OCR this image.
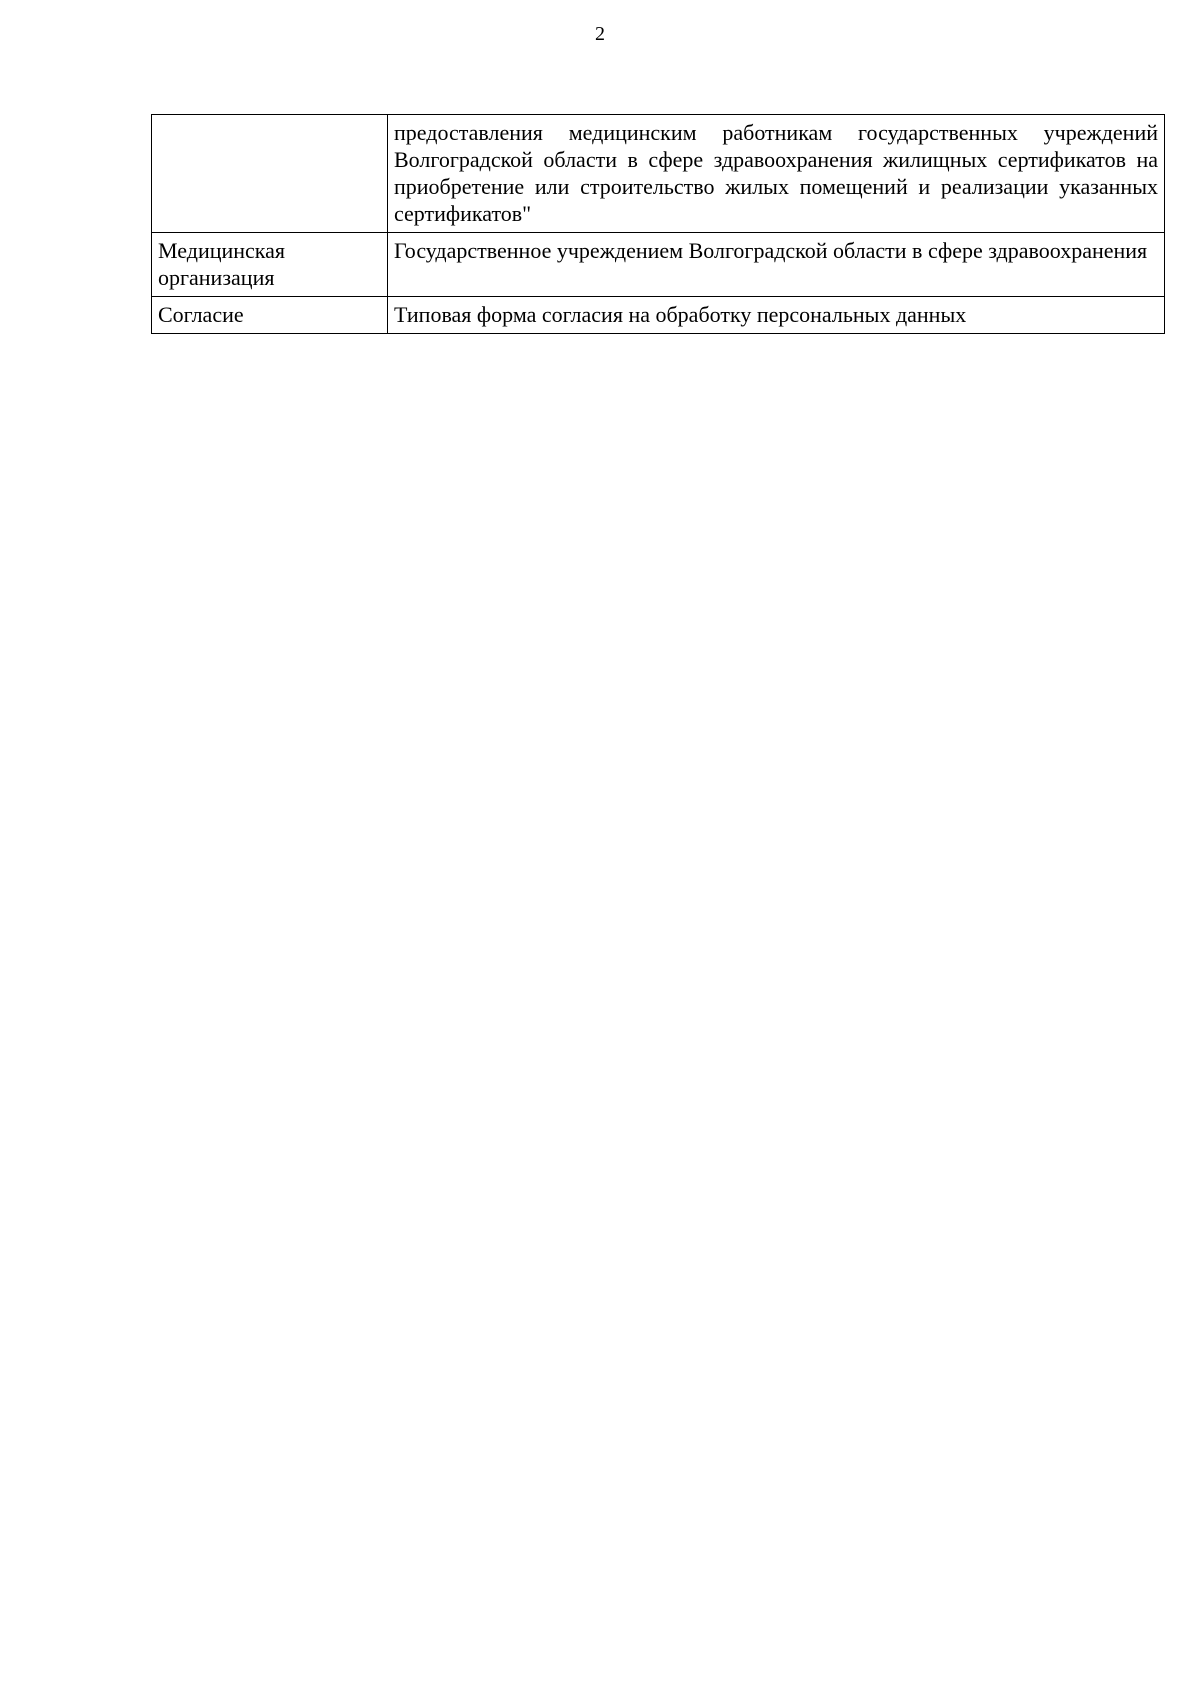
2
	предоставления медицинским работникам государственных учреждений Волгоградской области в сфере здравоохранения жилищных сертификатов на приобретение или строительство жилых помещений и реализации указанных сертификатов"
Медицинская организация	Государственное учреждением Волгоградской области в сфере здравоохранения
Согласие	Типовая форма согласия на обработку персональных данных
